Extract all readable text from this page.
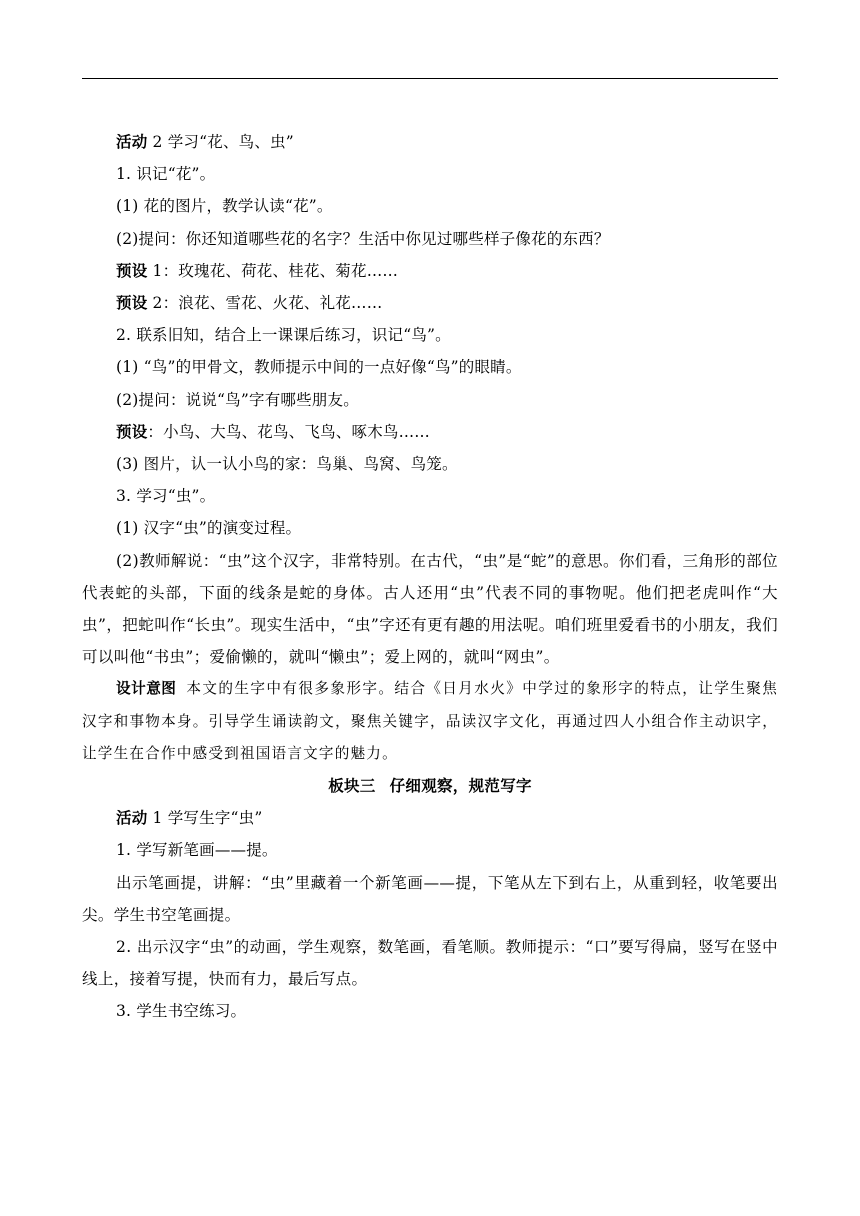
活动 2 学习“花、鸟、虫”
1. 识记“花”。
(1) 花的图片，教学认读“花”。
(2)提问：你还知道哪些花的名字？生活中你见过哪些样子像花的东西？
预设 1：玫瑰花、荷花、桂花、菊花……
预设 2：浪花、雪花、火花、礼花……
2. 联系旧知，结合上一课课后练习，识记“鸟”。
(1) “鸟”的甲骨文，教师提示中间的一点好像“鸟”的眼睛。
(2)提问：说说“鸟”字有哪些朋友。
预设：小鸟、大鸟、花鸟、飞鸟、啄木鸟……
(3) 图片，认一认小鸟的家：鸟巢、鸟窝、鸟笼。
3. 学习“虫”。
(1) 汉字“虫”的演变过程。
(2)教师解说：“虫”这个汉字，非常特别。在古代，“虫”是“蛇”的意思。你们看，三角形的部位代表蛇的头部，下面的线条是蛇的身体。古人还用“虫”代表不同的事物呢。他们把老虎叫作“大虫”，把蛇叫作“长虫”。现实生活中，“虫”字还有更有趣的用法呢。咱们班里爱看书的小朋友，我们可以叫他“书虫”；爱偷懒的，就叫“懒虫”；爱上网的，就叫“网虫”。
设计意图 本文的生字中有很多象形字。结合《日月水火》中学过的象形字的特点，让学生聚焦汉字和事物本身。引导学生诵读韵文，聚焦关键字，品读汉字文化，再通过四人小组合作主动识字，让学生在合作中感受到祖国语言文字的魅力。
板块三 仔细观察，规范写字
活动 1 学写生字“虫”
1. 学写新笔画——提。
出示笔画提，讲解：“虫”里藏着一个新笔画——提，下笔从左下到右上，从重到轻，收笔要出尖。学生书空笔画提。
2. 出示汉字“虫”的动画，学生观察，数笔画，看笔顺。教师提示：“口”要写得扁，竖写在竖中线上，接着写提，快而有力，最后写点。
3. 学生书空练习。
